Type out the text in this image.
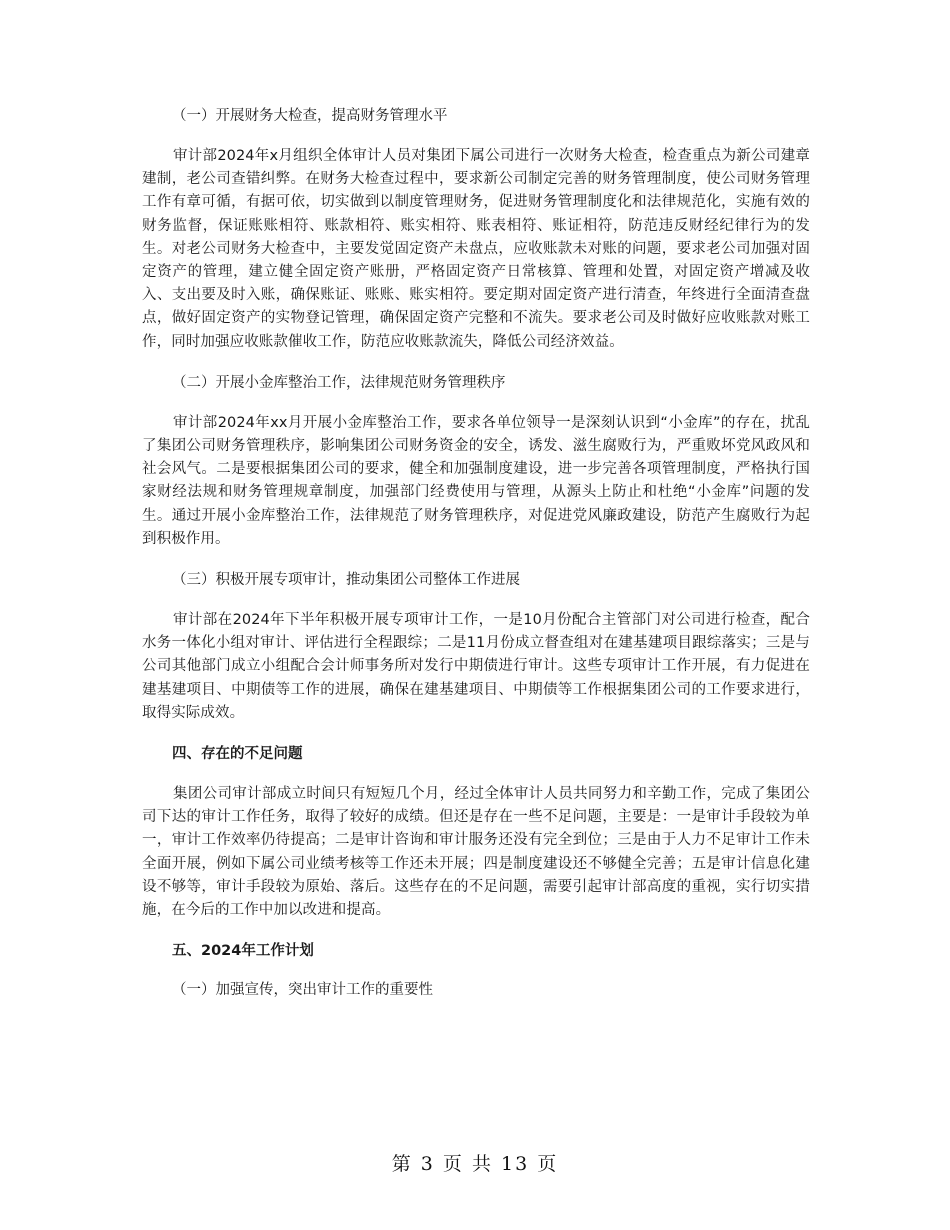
（一）开展财务大检查，提高财务管理水平

审计部2024年x月组织全体审计人员对集团下属公司进行一次财务大检查，检查重点为新公司建章建制，老公司查错纠弊。在财务大检查过程中，要求新公司制定完善的财务管理制度，使公司财务管理工作有章可循，有据可依，切实做到以制度管理财务，促进财务管理制度化和法律规范化，实施有效的财务监督，保证账账相符、账款相符、账实相符、账表相符、账证相符，防范违反财经纪律行为的发生。对老公司财务大检查中，主要发觉固定资产未盘点，应收账款未对账的问题，要求老公司加强对固定资产的管理，建立健全固定资产账册，严格固定资产日常核算、管理和处置，对固定资产增减及收入、支出要及时入账，确保账证、账账、账实相符。要定期对固定资产进行清查，年终进行全面清查盘点，做好固定资产的实物登记管理，确保固定资产完整和不流失。要求老公司及时做好应收账款对账工作，同时加强应收账款催收工作，防范应收账款流失，降低公司经济效益。

（二）开展小金库整治工作，法律规范财务管理秩序

审计部2024年xx月开展小金库整治工作，要求各单位领导一是深刻认识到“小金库”的存在，扰乱了集团公司财务管理秩序，影响集团公司财务资金的安全，诱发、滋生腐败行为，严重败坏党风政风和社会风气。二是要根据集团公司的要求，健全和加强制度建设，进一步完善各项管理制度，严格执行国家财经法规和财务管理规章制度，加强部门经费使用与管理，从源头上防止和杜绝“小金库”问题的发生。通过开展小金库整治工作，法律规范了财务管理秩序，对促进党风廉政建设，防范产生腐败行为起到积极作用。

（三）积极开展专项审计，推动集团公司整体工作进展

审计部在2024年下半年积极开展专项审计工作，一是10月份配合主管部门对公司进行检查，配合水务一体化小组对审计、评估进行全程跟综；二是11月份成立督查组对在建基建项目跟综落实；三是与公司其他部门成立小组配合会计师事务所对发行中期债进行审计。这些专项审计工作开展，有力促进在建基建项目、中期债等工作的进展，确保在建基建项目、中期债等工作根据集团公司的工作要求进行，取得实际成效。

四、存在的不足问题

集团公司审计部成立时间只有短短几个月，经过全体审计人员共同努力和辛勤工作，完成了集团公司下达的审计工作任务，取得了较好的成绩。但还是存在一些不足问题，主要是：一是审计手段较为单一，审计工作效率仍待提高；二是审计咨询和审计服务还没有完全到位；三是由于人力不足审计工作未全面开展，例如下属公司业绩考核等工作还未开展；四是制度建设还不够健全完善；五是审计信息化建设不够等，审计手段较为原始、落后。这些存在的不足问题，需要引起审计部高度的重视，实行切实措施，在今后的工作中加以改进和提高。

五、2024年工作计划
（一）加强宣传，突出审计工作的重要性
第 3 页 共 13 页
